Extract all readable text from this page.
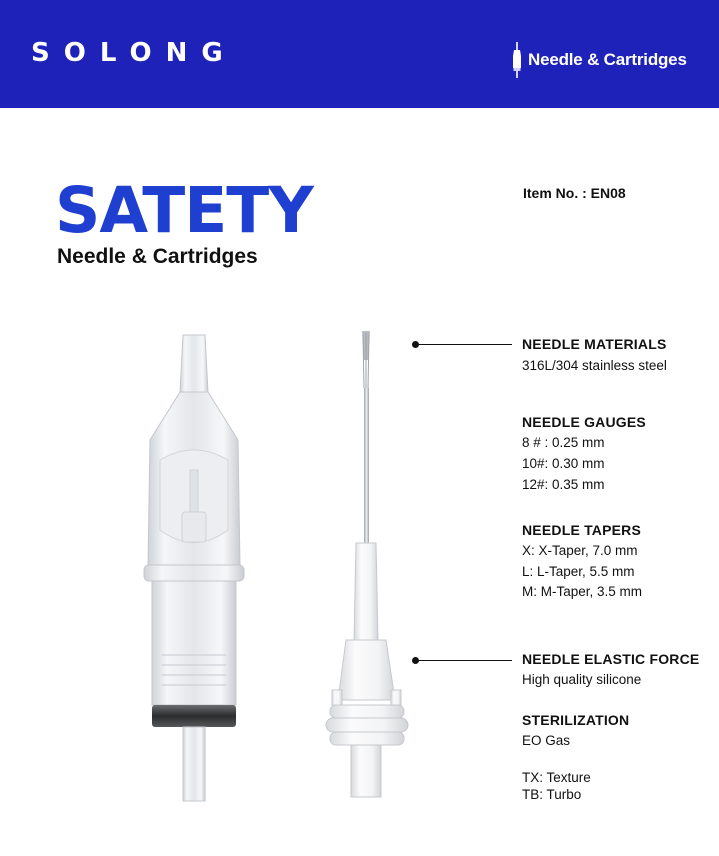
SOLONG	Needle & Cartridges
SATETY
Needle & Cartridges
Item No. : EN08
NEEDLE MATERIALS
316L/304 stainless steel
NEEDLE GAUGES
8 # : 0.25 mm
10#: 0.30 mm
12#: 0.35 mm
NEEDLE TAPERS
X: X-Taper, 7.0 mm
L: L-Taper, 5.5 mm
M: M-Taper, 3.5 mm
NEEDLE ELASTIC FORCE
High quality silicone
STERILIZATION
EO Gas
TX: Texture
TB: Turbo
